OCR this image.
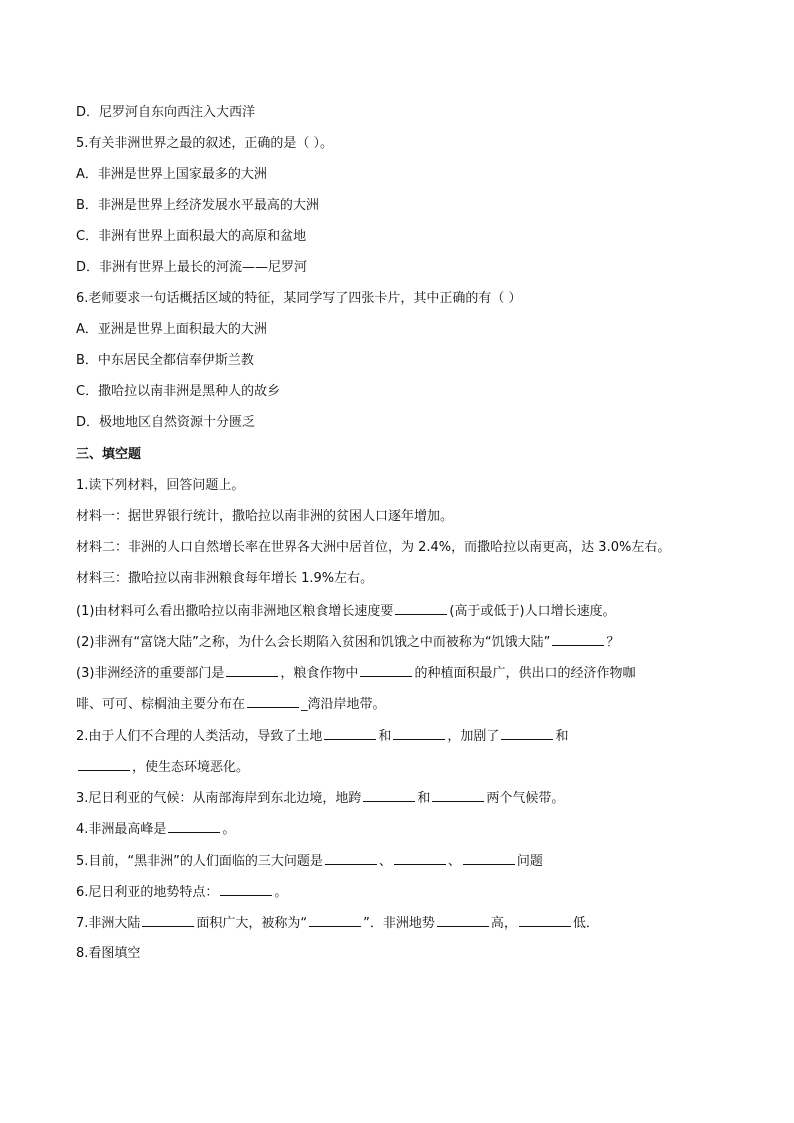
D．尼罗河自东向西注入大西洋
5.有关非洲世界之最的叙述，正确的是（ ）。
A．非洲是世界上国家最多的大洲
B．非洲是世界上经济发展水平最高的大洲
C．非洲有世界上面积最大的高原和盆地
D．非洲有世界上最长的河流——尼罗河
6.老师要求一句话概括区域的特征，某同学写了四张卡片，其中正确的有（ ）
A．亚洲是世界上面积最大的大洲
B．中东居民全都信奉伊斯兰教
C．撒哈拉以南非洲是黑种人的故乡
D．极地地区自然资源十分匮乏
三、填空题
1.读下列材料，回答问题上。
材料一：据世界银行统计，撒哈拉以南非洲的贫困人口逐年增加。
材料二：非洲的人口自然增长率在世界各大洲中居首位，为 2.4%，而撒哈拉以南更高，达 3.0%左右。
材料三：撒哈拉以南非洲粮食每年增长 1.9%左右。
(1)由材料可么看出撒哈拉以南非洲地区粮食增长速度要	(高于或低于)人口增长速度。
(2)非洲有“富饶大陆”之称，为什么会长期陷入贫困和饥饿之中而被称为“饥饿大陆”	？
(3)非洲经济的重要部门是	，粮食作物中	的种植面积最广，供出口的经济作物咖
啡、可可、棕榈油主要分布在	_湾沿岸地带。
2.由于人们不合理的人类活动，导致了土地	和	，加剧了	和
，使生态环境恶化。
3.尼日利亚的气候：从南部海岸到东北边境，地跨	和	两个气候带。
4.非洲最高峰是	。
5.目前，“黑非洲”的人们面临的三大问题是	、	、	问题
6.尼日利亚的地势特点：	。
7.非洲大陆	面积广大，被称为“	”．非洲地势	高，	低．
8.看图填空
